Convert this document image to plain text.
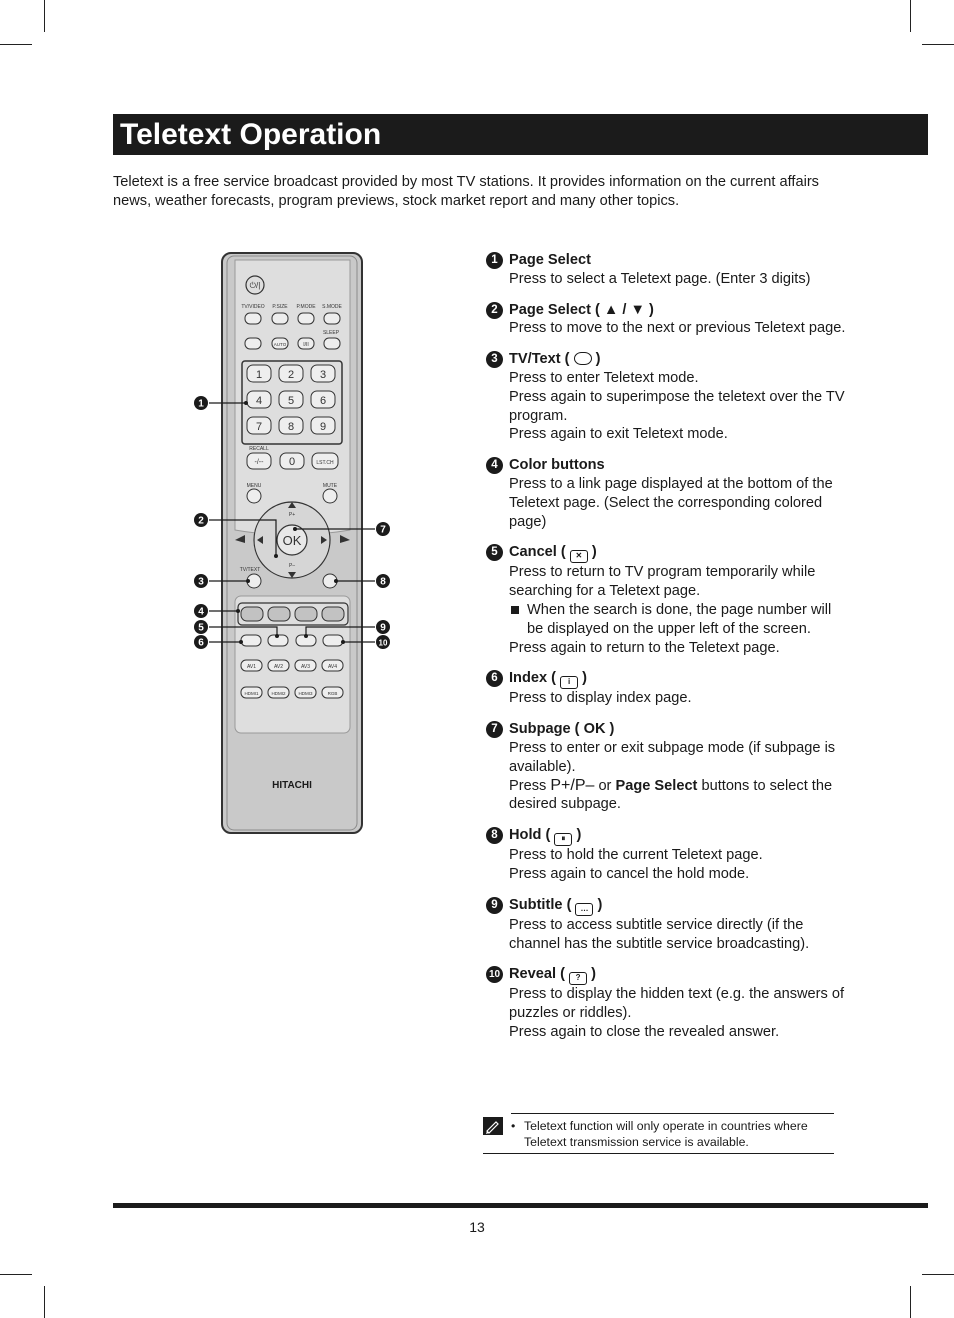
Teletext Operation
Teletext is a free service broadcast provided by most TV stations. It provides information on the current affairs news, weather forecasts, program previews, stock market report and many other topics.
⏻/|
TV/VIDEO P.SIZE P.MODE S.MODE
SLEEP
AUTO	I/II
1 2 3
4 5 6
7 8 9
RECALL
-/-- 0	LST.CH
MENU	MUTE
OK
P+
P–
TV/TEXT
AV1	AV2	AV3	AV4
HDMI1	HDMI2	HDMI3	RGB
HITACHI
1
2
3
4
5
6
7
8
9
10
1 Page Select
Press to select a Teletext page. (Enter 3 digits)
2 Page Select ( ▲ / ▼ )
Press to move to the next or previous Teletext page.
3 TV/Text (  )
Press to enter Teletext mode.
Press again to superimpose the teletext over the TV program.
Press again to exit Teletext mode.
4 Color buttons
Press to a link page displayed at the bottom of the Teletext page. (Select the corresponding colored page)
5 Cancel ( ✕ )
Press to return to TV program temporarily while searching for a Teletext page.
When the search is done, the page number will be displayed on the upper left of the screen.
Press again to return to the Teletext page.
6 Index ( i )
Press to display index page.
7 Subpage ( OK )
Press to enter or exit subpage mode (if subpage is available).
Press P+/P– or Page Select buttons to select the desired subpage.
8 Hold ( ⏸ )
Press to hold the current Teletext page.
Press again to cancel the hold mode.
9 Subtitle ( … )
Press to access subtitle service directly (if the channel has the subtitle service broadcasting).
10 Reveal ( ? )
Press to display the hidden text (e.g. the answers of puzzles or riddles).
Press again to close the revealed answer.
• Teletext function will only operate in countries where Teletext transmission service is available.
13
